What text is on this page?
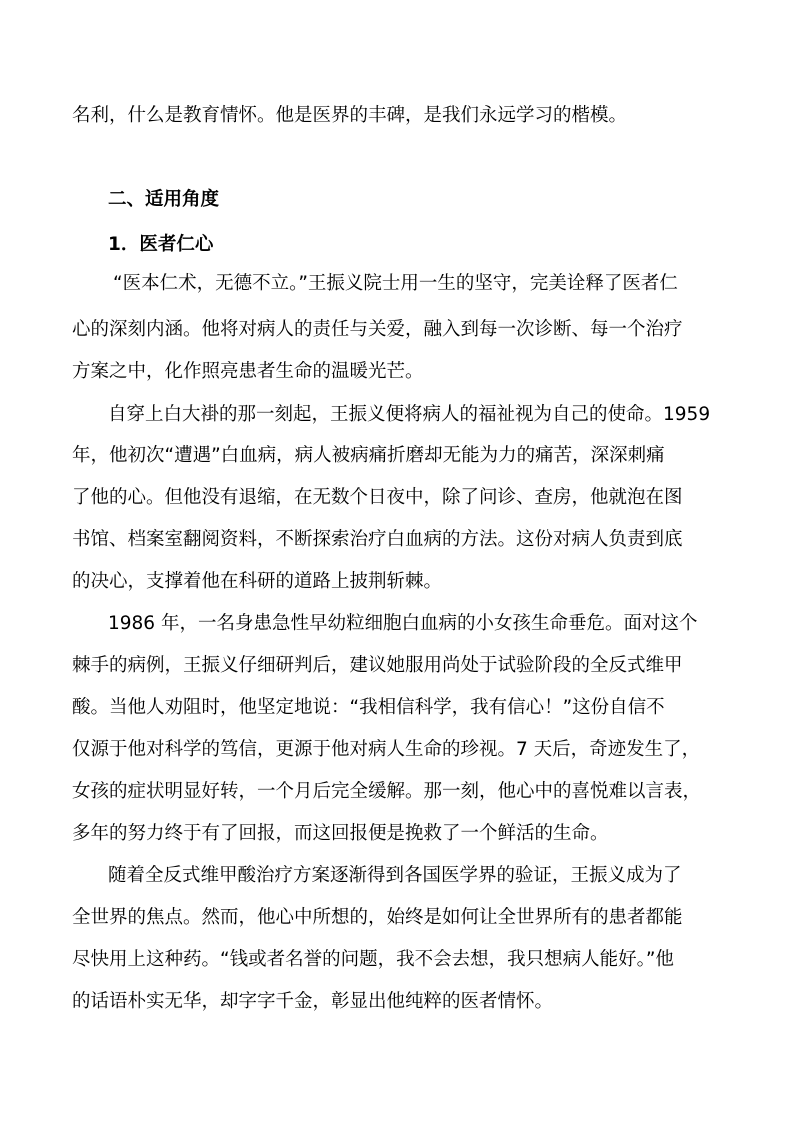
名利，什么是教育情怀。他是医界的丰碑，是我们永远学习的楷模。
二、适用角度
1．医者仁心
“医本仁术，无德不立。”王振义院士用一生的坚守，完美诠释了医者仁
心的深刻内涵。他将对病人的责任与关爱，融入到每一次诊断、每一个治疗
方案之中，化作照亮患者生命的温暖光芒。
自穿上白大褂的那一刻起，王振义便将病人的福祉视为自己的使命。1959
年，他初次“遭遇”白血病，病人被病痛折磨却无能为力的痛苦，深深刺痛
了他的心。但他没有退缩，在无数个日夜中，除了问诊、查房，他就泡在图
书馆、档案室翻阅资料，不断探索治疗白血病的方法。这份对病人负责到底
的决心，支撑着他在科研的道路上披荆斩棘。
1986 年，一名身患急性早幼粒细胞白血病的小女孩生命垂危。面对这个
棘手的病例，王振义仔细研判后，建议她服用尚处于试验阶段的全反式维甲
酸。当他人劝阻时，他坚定地说：“我相信科学，我有信心！”这份自信不
仅源于他对科学的笃信，更源于他对病人生命的珍视。7 天后，奇迹发生了，
女孩的症状明显好转，一个月后完全缓解。那一刻，他心中的喜悦难以言表，
多年的努力终于有了回报，而这回报便是挽救了一个鲜活的生命。
随着全反式维甲酸治疗方案逐渐得到各国医学界的验证，王振义成为了
全世界的焦点。然而，他心中所想的，始终是如何让全世界所有的患者都能
尽快用上这种药。“钱或者名誉的问题，我不会去想，我只想病人能好。”他
的话语朴实无华，却字字千金，彰显出他纯粹的医者情怀。
